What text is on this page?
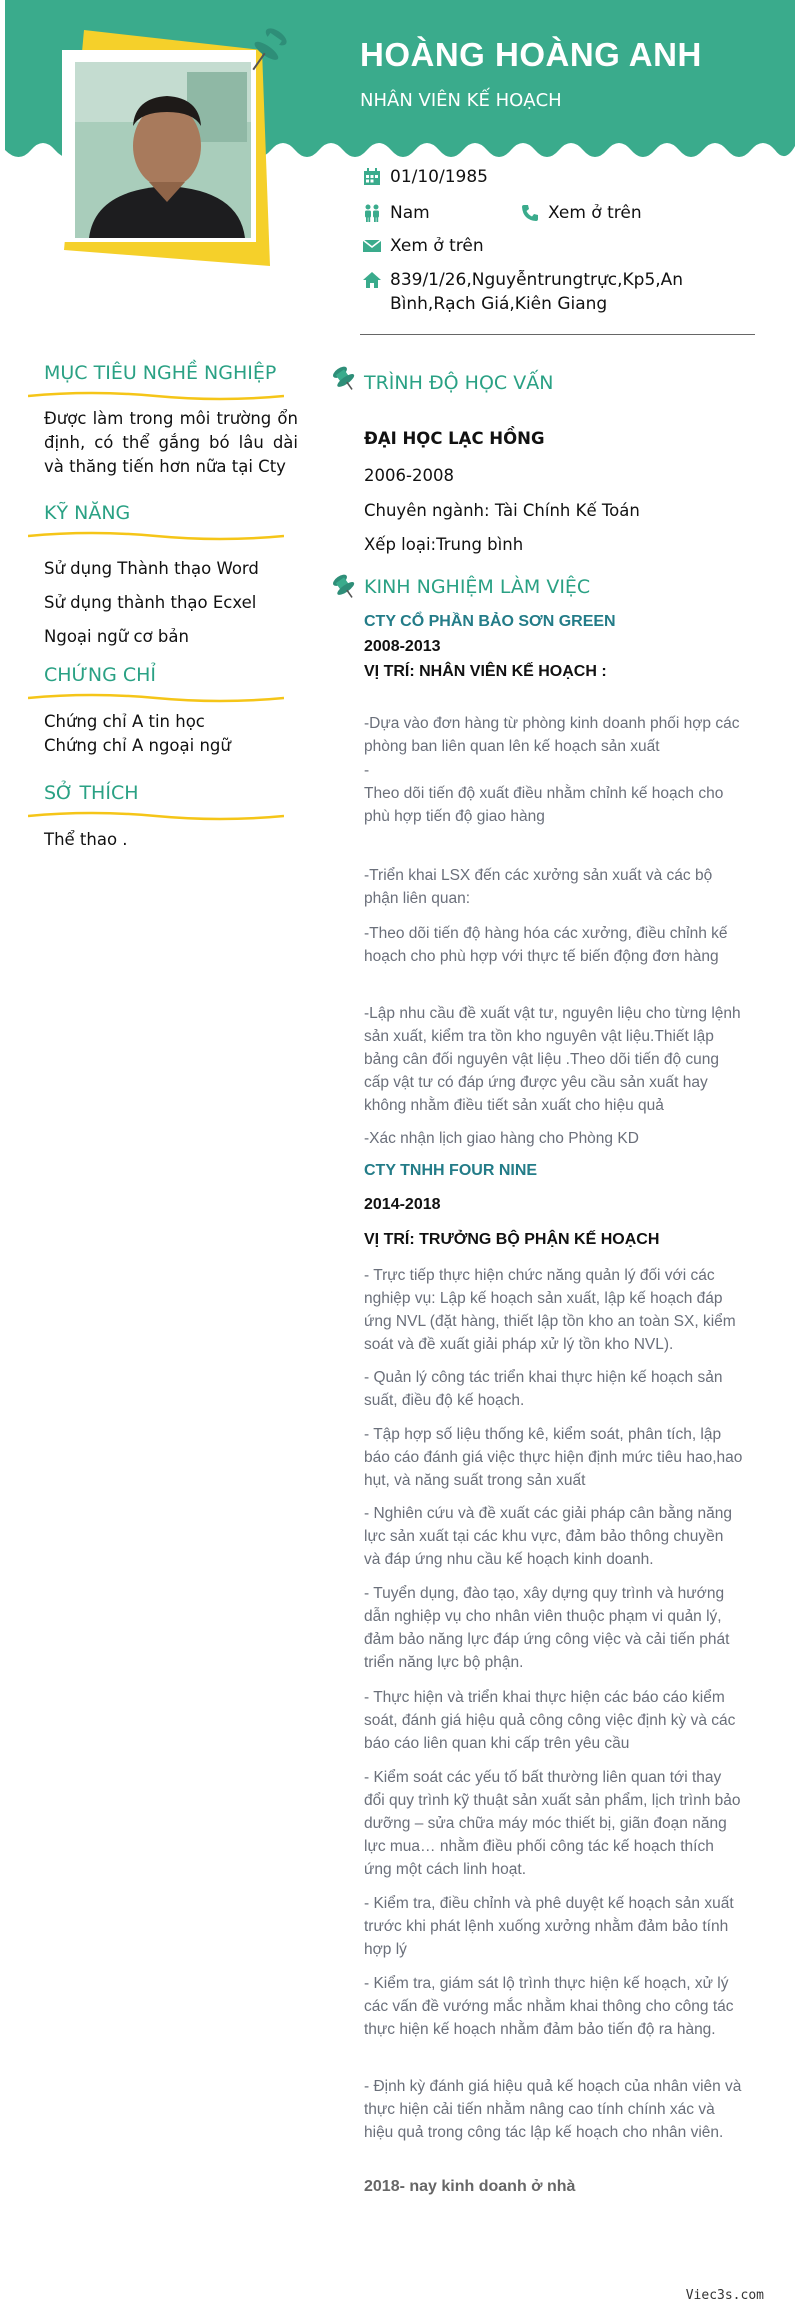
HOÀNG HOÀNG ANH
NHÂN VIÊN KẾ HOẠCH
01/10/1985
Nam	Xem ở trên
Xem ở trên
839/1/26,Nguyễntrungtrực,Kp5,An
Bình,Rạch Giá,Kiên Giang
MỤC TIÊU NGHỀ NGHIỆP
Được làm trong môi trường ổn định, có thể gắng bó lâu dài và thăng tiến hơn nữa tại Cty
KỸ NĂNG
Sử dụng Thành thạo Word
Sử dụng thành thạo Ecxel
Ngoại ngữ cơ bản
CHỨNG CHỈ
Chứng chỉ A tin học
Chứng chỉ A ngoại ngữ
SỞ THÍCH
Thể thao .
TRÌNH ĐỘ HỌC VẤN
ĐẠI HỌC LẠC HỒNG
2006-2008
Chuyên ngành: Tài Chính Kế Toán
Xếp loại:Trung bình
KINH NGHIỆM LÀM VIỆC
CTY CỔ PHẦN BẢO SƠN GREEN
2008-2013
VỊ TRÍ: NHÂN VIÊN KẾ HOẠCH :
-Dựa vào đơn hàng từ phòng kinh doanh phối hợp các phòng ban liên quan lên kế hoạch sản xuất
-
Theo dõi tiến độ xuất điều nhằm chỉnh kế hoạch cho phù hợp tiến độ giao hàng
-Triển khai LSX đến các xưởng sản xuất và các bộ phận liên quan:
-Theo dõi tiến độ hàng hóa các xưởng, điều chỉnh kế hoạch cho phù hợp với thực tế biến động đơn hàng
-Lập nhu cầu đề xuất vật tư, nguyên liệu cho từng lệnh sản xuất, kiểm tra tồn kho nguyên vật liệu.Thiết lập bảng cân đối nguyên vật liệu .Theo dõi tiến độ cung cấp vật tư có đáp ứng được yêu cầu sản xuất hay không nhằm điều tiết sản xuất cho hiệu quả
-Xác nhận lịch giao hàng cho Phòng KD
CTY TNHH FOUR NINE
2014-2018
VỊ TRÍ: TRƯỞNG BỘ PHẬN KẾ HOẠCH
- Trực tiếp thực hiện chức năng quản lý đối với các nghiệp vụ: Lập kế hoạch sản xuất, lập kế hoạch đáp ứng NVL (đặt hàng, thiết lập tồn kho an toàn SX, kiểm soát và đề xuất giải pháp xử lý tồn kho NVL).
- Quản lý công tác triển khai thực hiện kế hoạch sản suất, điều độ kế hoạch.
- Tập hợp số liệu thống kê, kiểm soát, phân tích, lập báo cáo đánh giá việc thực hiện định mức tiêu hao,hao hụt, và năng suất trong sản xuất
- Nghiên cứu và đề xuất các giải pháp cân bằng năng lực sản xuất tại các khu vực, đảm bảo thông chuyền và đáp ứng nhu cầu kế hoạch kinh doanh.
- Tuyển dụng, đào tạo, xây dựng quy trình và hướng dẫn nghiệp vụ cho nhân viên thuộc phạm vi quản lý, đảm bảo năng lực đáp ứng công việc và cải tiến phát triển năng lực bộ phận.
- Thực hiện và triển khai thực hiện các báo cáo kiểm soát, đánh giá hiệu quả công công việc định kỳ và các báo cáo liên quan khi cấp trên yêu cầu
- Kiểm soát các yếu tố bất thường liên quan tới thay đổi quy trình kỹ thuật sản xuất sản phẩm, lịch trình bảo dưỡng – sửa chữa máy móc thiết bị, giãn đoạn năng lực mua… nhằm điều phối công tác kế hoạch thích ứng một cách linh hoạt.
- Kiểm tra, điều chỉnh và phê duyệt kế hoạch sản xuất trước khi phát lệnh xuống xưởng nhằm đảm bảo tính hợp lý
- Kiểm tra, giám sát lộ trình thực hiện kế hoạch, xử lý các vấn đề vướng mắc nhằm khai thông cho công tác thực hiện kế hoạch nhằm đảm bảo tiến độ ra hàng.
- Định kỳ đánh giá hiệu quả kế hoạch của nhân viên và thực hiện cải tiến nhằm nâng cao tính chính xác và hiệu quả trong công tác lập kế hoạch cho nhân viên.
2018- nay kinh doanh ở nhà
Viec3s.com
